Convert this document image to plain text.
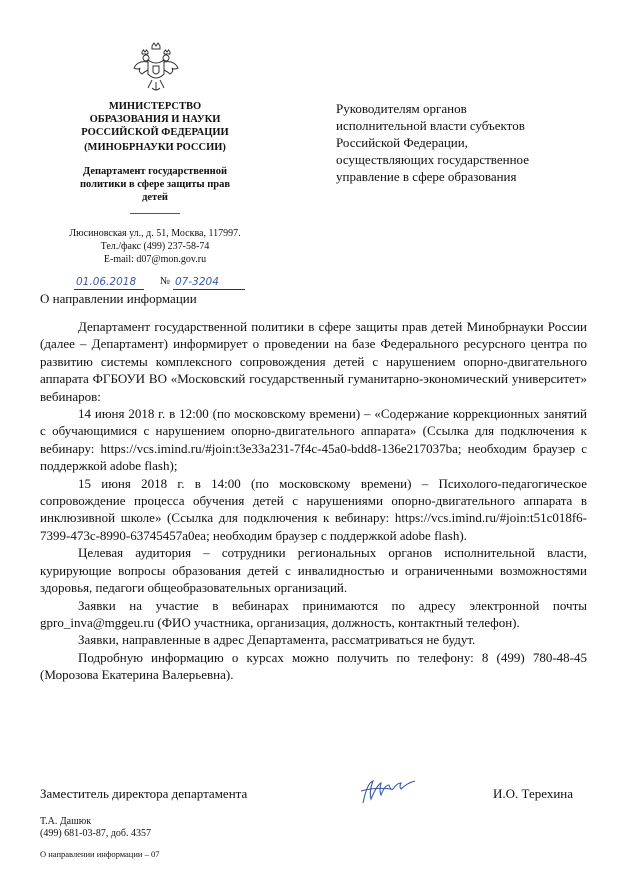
МИНИСТЕРСТВО
ОБРАЗОВАНИЯ И НАУКИ
РОССИЙСКОЙ ФЕДЕРАЦИИ
(МИНОБРНАУКИ РОССИИ)
Департамент государственной политики в сфере защиты прав детей
Люсиновская ул., д. 51, Москва, 117997.
Тел./факс (499) 237-58-74
E-mail: d07@mon.gov.ru
01.06.2018 № 07-3204
Руководителям органов
исполнительной власти субъектов
Российской Федерации,
осуществляющих государственное
управление в сфере образования
О направлении информации

Департамент государственной политики в сфере защиты прав детей Минобрнауки России (далее – Департамент) информирует о проведении на базе Федерального ресурсного центра по развитию системы комплексного сопровождения детей с нарушением опорно-двигательного аппарата ФГБОУИ ВО «Московский государственный гуманитарно-экономический университет» вебинаров:

14 июня 2018 г. в 12:00 (по московскому времени) – «Содержание коррекционных занятий с обучающимися с нарушением опорно-двигательного аппарата» (Ссылка для подключения к вебинару: https://vcs.imind.ru/#join:t3e33a231-7f4c-45a0-bdd8-136e217037ba; необходим браузер с поддержкой adobe flash);

15 июня 2018 г. в 14:00 (по московскому времени) – Психолого-педагогическое сопровождение процесса обучения детей с нарушениями опорно-двигательного аппарата в инклюзивной школе» (Ссылка для подключения к вебинару: https://vcs.imind.ru/#join:t51c018f6-7399-473c-8990-63745457a0ea; необходим браузер с поддержкой adobe flash).

Целевая аудитория – сотрудники региональных органов исполнительной власти, курирующие вопросы образования детей с инвалидностью и ограниченными возможностями здоровья, педагоги общеобразовательных организаций.

Заявки на участие в вебинарах принимаются по адресу электронной почты gpro_inva@mggeu.ru (ФИО участника, организация, должность, контактный телефон).

Заявки, направленные в адрес Департамента, рассматриваться не будут.

Подробную информацию о курсах можно получить по телефону: 8 (499) 780-48-45 (Морозова Екатерина Валерьевна).

Заместитель директора департамента	И.О. Терехина
Т.А. Дашюк
(499) 681-03-87, доб. 4357
О направлении информации – 07
